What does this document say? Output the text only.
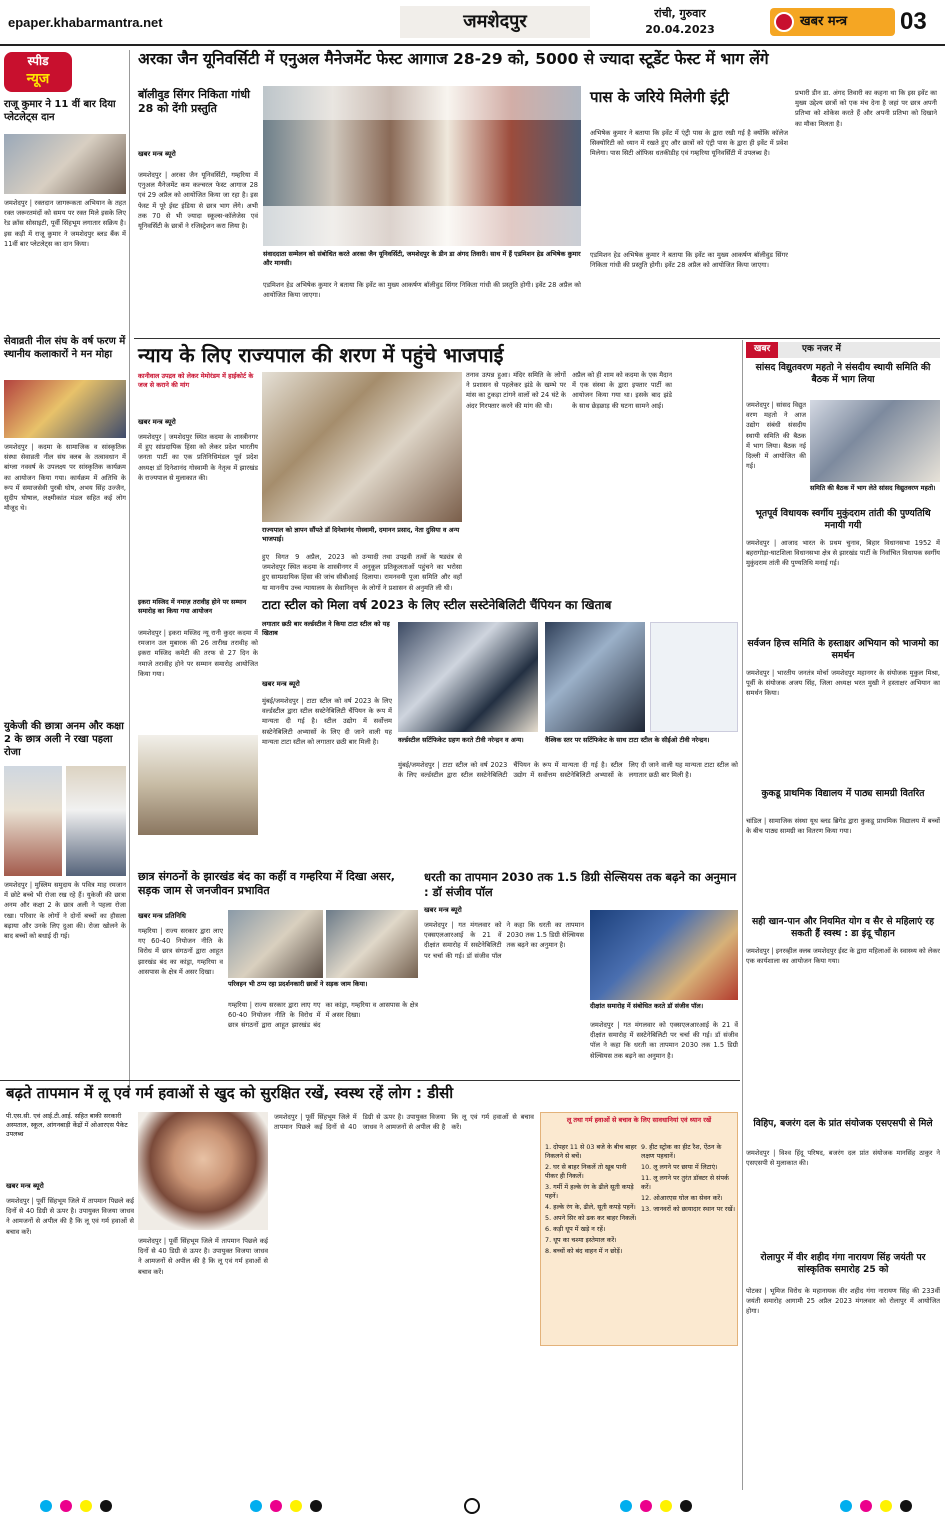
epaper.khabarmantra.net	जमशेदपुर	रांची, गुरुवार
20.04.2023
खबर मन्त्र 03
स्पीड
न्यूज
राजू कुमार ने 11 वीं बार दिया प्लेटलेट्स दान
जमशेदपुर | रक्तदान जागरूकता अभियान के तहत रक्त जरूरतमंदों को समय पर रक्त मिले इसके लिए रेड क्रॉस सोसाइटी, पूर्वी सिंहभूम लगातार सक्रिय है। इस कड़ी में राजू कुमार ने जमशेदपुर ब्लड बैंक में 11वीं बार प्लेटलेट्स का दान किया।
सेवाव्रती नील संघ के वर्ष फरण में स्थानीय कलाकारों ने मन मोहा
जमशेदपुर | कदमा के सामाजिक व सांस्कृतिक संस्था सेवाव्रती नील संघ क्लब के तत्वावधान में बांग्ला नववर्ष के उपलक्ष्य पर सांस्कृतिक कार्यक्रम का आयोजन किया गया। कार्यक्रम में अतिथि के रूप में समाजसेवी पुरबी घोष, अभय सिंह उज्जैन, सुदीप घोषाल, लक्ष्मीकांत मंडल सहित कई लोग मौजूद थे।
युकेजी की छात्रा अनम और कक्षा 2 के छात्र अली ने रखा पहला रोजा
जमशेदपुर | मुस्लिम समुदाय के पवित्र माह रमजान में छोटे बच्चे भी रोजा रख रहे हैं। युकेजी की छात्रा अनम और कक्षा 2 के छात्र अली ने पहला रोजा रखा। परिवार के लोगों ने दोनों बच्चों का हौसला बढ़ाया और उनके लिए दुआ की। रोजा खोलने के बाद बच्चों को बधाई दी गई।
अरका जैन यूनिवर्सिटी में एनुअल मैनेजमेंट फेस्ट आगाज 28-29 को, 5000 से ज्यादा स्टूडेंट फेस्ट में भाग लेंगे
बॉलीवुड सिंगर निकिता गांधी 28 को देंगी प्रस्तुति
खबर मन्त्र ब्यूरो
जमशेदपुर | अरका जैन यूनिवर्सिटी, गम्हरिया में एनुअल मैनेजमेंट कम कल्चरल फेस्ट आगाज 28 एवं 29 अप्रैल को आयोजित किया जा रहा है। इस फेस्ट में पूरे ईस्ट इंडिया से छात्र भाग लेंगे। अभी तक 70 से भी ज्यादा स्कूल्स-कॉलेजेस एवं यूनिवर्सिटी के छात्रों ने रजिस्ट्रेशन करा लिया है।
संवाददाता सम्मेलन को संबोधित करते अरका जैन यूनिवर्सिटी, जमशेदपुर के डीन डा अंगद तिवारी। साथ में हैं एडमिशन हेड अभिषेक कुमार और मानसी।
एडमिशन हेड अभिषेक कुमार ने बताया कि इवेंट का मुख्य आकर्षण बॉलीवुड सिंगर निकिता गांधी की प्रस्तुति होगी। इवेंट 28 अप्रैल को आयोजित किया जाएगा।
पास के जरिये मिलेगी इंट्री
अभिषेक कुमार ने बताया कि इवेंट में एंट्री पास के द्वारा रखी गई है क्योंकि कॉलेज सिक्योरिटी को ध्यान में रखते हुए और छात्रों को एंट्री पास के द्वारा ही इवेंट में प्रवेश मिलेगा। पास सिटी ऑफिस धतकीडीह एवं गम्हरिया यूनिवर्सिटी में उपलब्ध है।
प्रभारी डीन डा. अंगद तिवारी का कहना था कि इस इवेंट का मुख्य उद्देश्य छात्रों को एक मंच देना है जहां पर छात्र अपनी प्रतिभा को शोकेस करते हैं और अपनी प्रतिभा को दिखाने का मौका मिलता है।
एडमिशन हेड अभिषेक कुमार ने बताया कि इवेंट का मुख्य आकर्षण बॉलीवुड सिंगर निकिता गांधी की प्रस्तुति होगी। इवेंट 28 अप्रैल को आयोजित किया जाएगा।
न्याय के लिए राज्यपाल की शरण में पहुंचे भाजपाई
कानीवाल उपद्रव को लेकर मेमोरंडम में हाईकोर्ट के जज से कराने की मांग
खबर मन्त्र ब्यूरो
राज्यपाल को ज्ञापन सौंपते डॉ दिनेशानंद गोस्वामी, दमानन प्रसाद, नेता दुसिया व अन्य भाजपाई।
जमशेदपुर | जमशेदपुर स्थित कदमा के शास्त्रीनगर में हुए सांप्रदायिक हिंसा को लेकर प्रदेश भारतीय जनता पार्टी का एक प्रतिनिधिमंडल पूर्व प्रदेश अध्यक्ष डॉ दिनेशानंद गोस्वामी के नेतृत्व में झारखंड के राज्यपाल से मुलाकात की।
हुए विगत 9 अप्रैल, 2023 को जमशेदपुर स्थित कदमा के शास्त्रीनगर में हुए साम्प्रदायिक हिंसा की जांच सीबीआई या माननीय उच्च न्यायालय के सेवानिवृत्त
उन्मादी तथा उपद्रवी तत्वों के षड्यंत्र से अनुकूल प्रतिकूलताओं पहुंचने का भरोसा दिलाया। रामनवमी पूजा समिति और वहाँ के लोगों ने प्रशासन से अनुमति ली थी।
तनाव उत्पन्न हुआ। मंदिर समिति के लोगों ने प्रशासन से पहलेकर झंडे के खम्भे पर मांस का टुकड़ा टांगने वालों को 24 घंटे के अंदर गिरफ्तार करने की मांग की थी।
अप्रैल को ही शाम को कदमा के एक मैदान में एक संस्था के द्वारा इफ्तार पार्टी का आयोजन किया गया था। इसके बाद झंडे के साथ छेड़छाड़ की घटना सामने आई।
इकरा मस्जिद में नमाज़ तरावीह होने पर सम्मान समारोह का किया गया आयोजन
जमशेदपुर | इकरा मस्जिद न्यू रानी कुदर कदमा में रमजान उल मुबारक की 26 तारीख तरावीह को इकरा मस्जिद कमेटी की तरफ से 27 दिन के नमाजे तरावीह होने पर सम्मान समारोह आयोजित किया गया।
टाटा स्टील को मिला वर्ष 2023 के लिए स्टील सस्टेनेबिलिटी चैंपियन का खिताब
लगातार छठी बार वर्ल्डस्टील ने किया टाटा स्टील को यह खिताब
खबर मन्त्र ब्यूरो
मुंबई/जमशेदपुर | टाटा स्टील को वर्ष 2023 के लिए वर्ल्डस्टील द्वारा स्टील सस्टेनेबिलिटी चैंपियन के रूप में मान्यता दी गई है। स्टील उद्योग में सर्वोत्तम सस्टेनेबिलिटी अभ्यासों के लिए दी जाने वाली यह मान्यता टाटा स्टील को लगातार छठी बार मिली है।	वर्ल्डस्टील सर्टिफिकेट ग्रहण करते टीवी नरेन्द्रन व अन्य।	वैश्विक स्तर पर सर्टिफिकेट के साथ टाटा स्टील के सीईओ टीवी नरेन्द्रन।
मुंबई/जमशेदपुर | टाटा स्टील को वर्ष 2023 के लिए वर्ल्डस्टील द्वारा स्टील सस्टेनेबिलिटी चैंपियन के रूप में मान्यता दी गई है। स्टील उद्योग में सर्वोत्तम सस्टेनेबिलिटी अभ्यासों के लिए दी जाने वाली यह मान्यता टाटा स्टील को लगातार छठी बार मिली है।
छात्र संगठनों के झारखंड बंद का कहीं व गम्हरिया में दिखा असर, सड़क जाम से जनजीवन प्रभावित
खबर मन्त्र प्रतिनिधि
गम्हरिया | राज्य सरकार द्वारा लाए गए 60-40 नियोजन नीति के विरोध में छात्र संगठनों द्वारा आहूत झारखंड बंद का कांड्रा, गम्हरिया व आसपास के क्षेत्र में असर दिखा।
परिवहन भी ठप्प रहा प्रदर्शनकारी छात्रों ने सड़क जाम किया।
गम्हरिया | राज्य सरकार द्वारा लाए गए 60-40 नियोजन नीति के विरोध में छात्र संगठनों द्वारा आहूत झारखंड बंद का कांड्रा, गम्हरिया व आसपास के क्षेत्र में असर दिखा।
धरती का तापमान 2030 तक 1.5 डिग्री सेल्सियस तक बढ़ने का अनुमान : डॉ संजीव पॉल
खबर मन्त्र ब्यूरो
जमशेदपुर | गत मंगलवार को एक्सएलआरआई के 21 वें दीक्षांत समारोह में सस्टेनेबिलिटी पर चर्चा की गई। डॉ संजीव पॉल ने कहा कि धरती का तापमान 2030 तक 1.5 डिग्री सेल्सियस तक बढ़ने का अनुमान है।
दीक्षांत समारोह में संबोधित करते डॉ संजीव पॉल।
जमशेदपुर | गत मंगलवार को एक्सएलआरआई के 21 वें दीक्षांत समारोह में सस्टेनेबिलिटी पर चर्चा की गई। डॉ संजीव पॉल ने कहा कि धरती का तापमान 2030 तक 1.5 डिग्री सेल्सियस तक बढ़ने का अनुमान है।
बढ़ते तापमान में लू एवं गर्म हवाओं से खुद को सुरक्षित रखें, स्वस्थ रहें लोग : डीसी
पी.एस.सी. एवं आई.टी.आई. सहित बाकी सरकारी अस्पताल, स्कूल, आंगनबाड़ी केंद्रों में ओआरएस पैकेट उपलब्ध
खबर मन्त्र ब्यूरो
जमशेदपुर | पूर्वी सिंहभूम जिले में तापमान पिछले कई दिनों से 40 डिग्री से ऊपर है। उपायुक्त विजया जाधव ने आमजनों से अपील की है कि लू एवं गर्म हवाओं से बचाव करें।
जमशेदपुर | पूर्वी सिंहभूम जिले में तापमान पिछले कई दिनों से 40 डिग्री से ऊपर है। उपायुक्त विजया जाधव ने आमजनों से अपील की है कि लू एवं गर्म हवाओं से बचाव करें।
जमशेदपुर | पूर्वी सिंहभूम जिले में तापमान पिछले कई दिनों से 40 डिग्री से ऊपर है। उपायुक्त विजया जाधव ने आमजनों से अपील की है कि लू एवं गर्म हवाओं से बचाव करें।
लू तथा गर्म हवाओं से बचाव के लिए सावधानियां एवं ध्यान रखें
1. दोपहर 11 से 03 बजे के बीच बाहर निकलने से बचें।
2. घर से बाहर निकलें तो खूब पानी पीकर ही निकलें।
3. गर्मी में हल्के रंग के ढीले सूती कपड़े पहनें।
4. हल्के रंग के, ढीले, सूती कपड़े पहनें।
5. अपने सिर को ढक कर बाहर निकलें।
6. कड़ी धूप में खड़े न रहें।
7. धूप का चश्मा इस्तेमाल करें।
8. बच्चों को बंद वाहन में न छोड़ें।
9. हीट स्ट्रोक का हीट रैश, ऐंठन के लक्षण पहचानें।
10. लू लगने पर छाया में लिटाएं।
11. लू लगने पर तुरंत डॉक्टर से संपर्क करें।
12. ओआरएस घोल का सेवन करें।
13. जानवरों को छायादार स्थान पर रखें।
खबर	एक नजर में
सांसद विद्युतवरण महतो ने संसदीय स्थायी समिति की बैठक में भाग लिया
जमशेदपुर | सांसद विद्युत वरण महतो ने आज उद्योग संबंधी संसदीय स्थायी समिति की बैठक में भाग लिया। बैठक नई दिल्ली में आयोजित की गई।
समिति की बैठक में भाग लेते सांसद विद्युतवरण महतो।
भूतपूर्व विधायक स्वर्गीय मुकुंदराम तांती की पुण्यतिथि मनायी गयी
जमशेदपुर | आजाद भारत के प्रथम चुनाव, बिहार विधानसभा 1952 में बहरागोड़ा-घाटशिला विधानसभा क्षेत्र से झारखंड पार्टी के निर्वाचित विधायक स्वर्गीय मुकुंदराम तांती की पुण्यतिथि मनाई गई।
सर्वजन हित्त्व समिति के हस्ताक्षर अभियान को भाजमो का समर्थन
जमशेदपुर | भारतीय जनतंत्र मोर्चा जमशेदपुर महानगर के संयोजक मुकुल मिश्रा, पूर्वी के संयोजक अजय सिंह, जिला अध्यक्ष भरत मुखी ने हस्ताक्षर अभियान का समर्थन किया।
कुकडू प्राथमिक विद्यालय में पाठ्य सामग्री वितरित
चांडिल | सामाजिक संस्था यूथ ब्लड ब्रिगेड द्वारा कुकडू प्राथमिक विद्यालय में बच्चों के बीच पाठ्य सामग्री का वितरण किया गया।
सही खान-पान और नियमित योग व सैर से महिलाएं रह सकती हैं स्वस्थ : डा इंदू चौहान
जमशेदपुर | इनरव्हील क्लब जमशेदपुर ईस्ट के द्वारा महिलाओं के स्वास्थ्य को लेकर एक कार्यशाला का आयोजन किया गया।
विहिप, बजरंग दल के प्रांत संयोजक एसएसपी से मिले
जमशेदपुर | विश्व हिंदू परिषद, बजरंग दल प्रांत संयोजक मानसिंह ठाकुर ने एसएसपी से मुलाकात की।
रोलापुर में वीर शहीद गंगा नारायण सिंह जयंती पर सांस्कृतिक समारोह 25 को
पोटका | भूमिज विरोध के महानायक वीर शहीद गंगा नारायण सिंह की 233वीं जयंती समारोह आगामी 25 अप्रैल 2023 मंगलवार को रोलापुर में आयोजित होगा।
